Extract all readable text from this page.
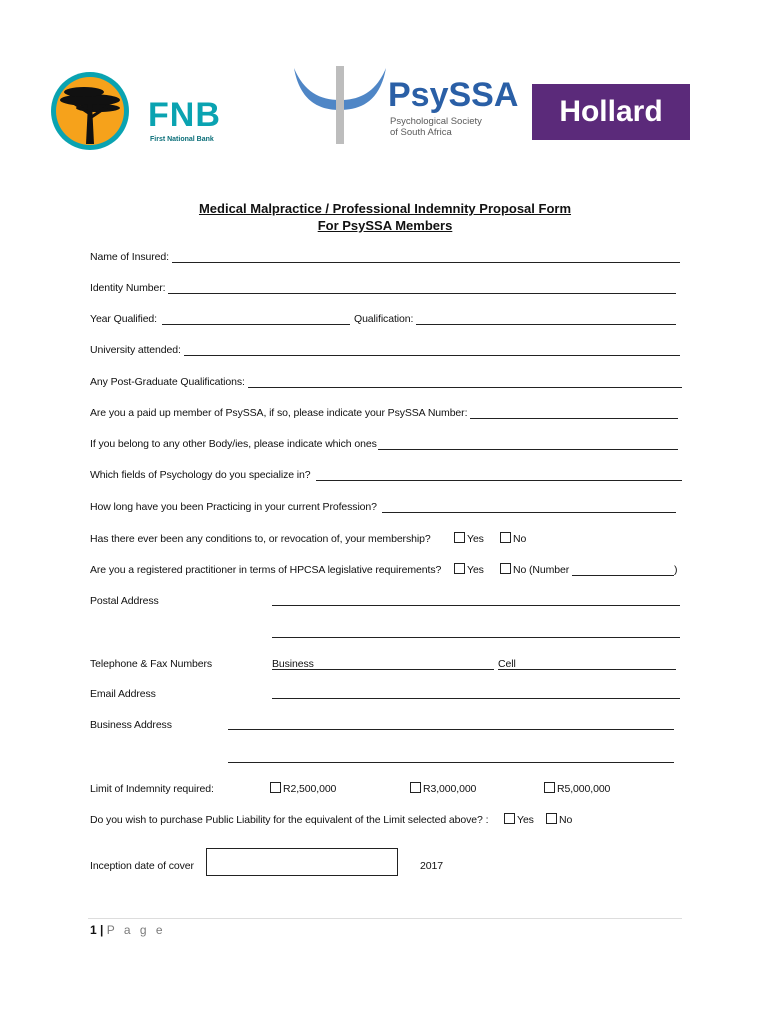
FNB
First National Bank
PsySSA
Psychological Society
of South Africa
Hollard
Medical Malpractice / Professional Indemnity Proposal Form
For PsySSA Members
Name of Insured:
Identity Number:
Year Qualified:	Qualification:
University attended:
Any Post-Graduate Qualifications:
Are you a paid up member of PsySSA, if so, please indicate your PsySSA Number:
If you belong to any other Body/ies, please indicate which ones
Which fields of Psychology do you specialize in?
How long have you been Practicing in your current Profession?
Has there ever been any conditions to, or revocation of, your membership?	Yes	No
Are you a registered practitioner in terms of HPCSA legislative requirements?	Yes	No (Number	)
Postal Address
Telephone & Fax Numbers	Business	Cell
Email Address
Business Address
Limit of Indemnity required:	R2,500,000	R3,000,000	R5,000,000
Do you wish to purchase Public Liability for the equivalent of the Limit selected above? :	Yes	No
Inception date of cover	2017
1 | P a g e
